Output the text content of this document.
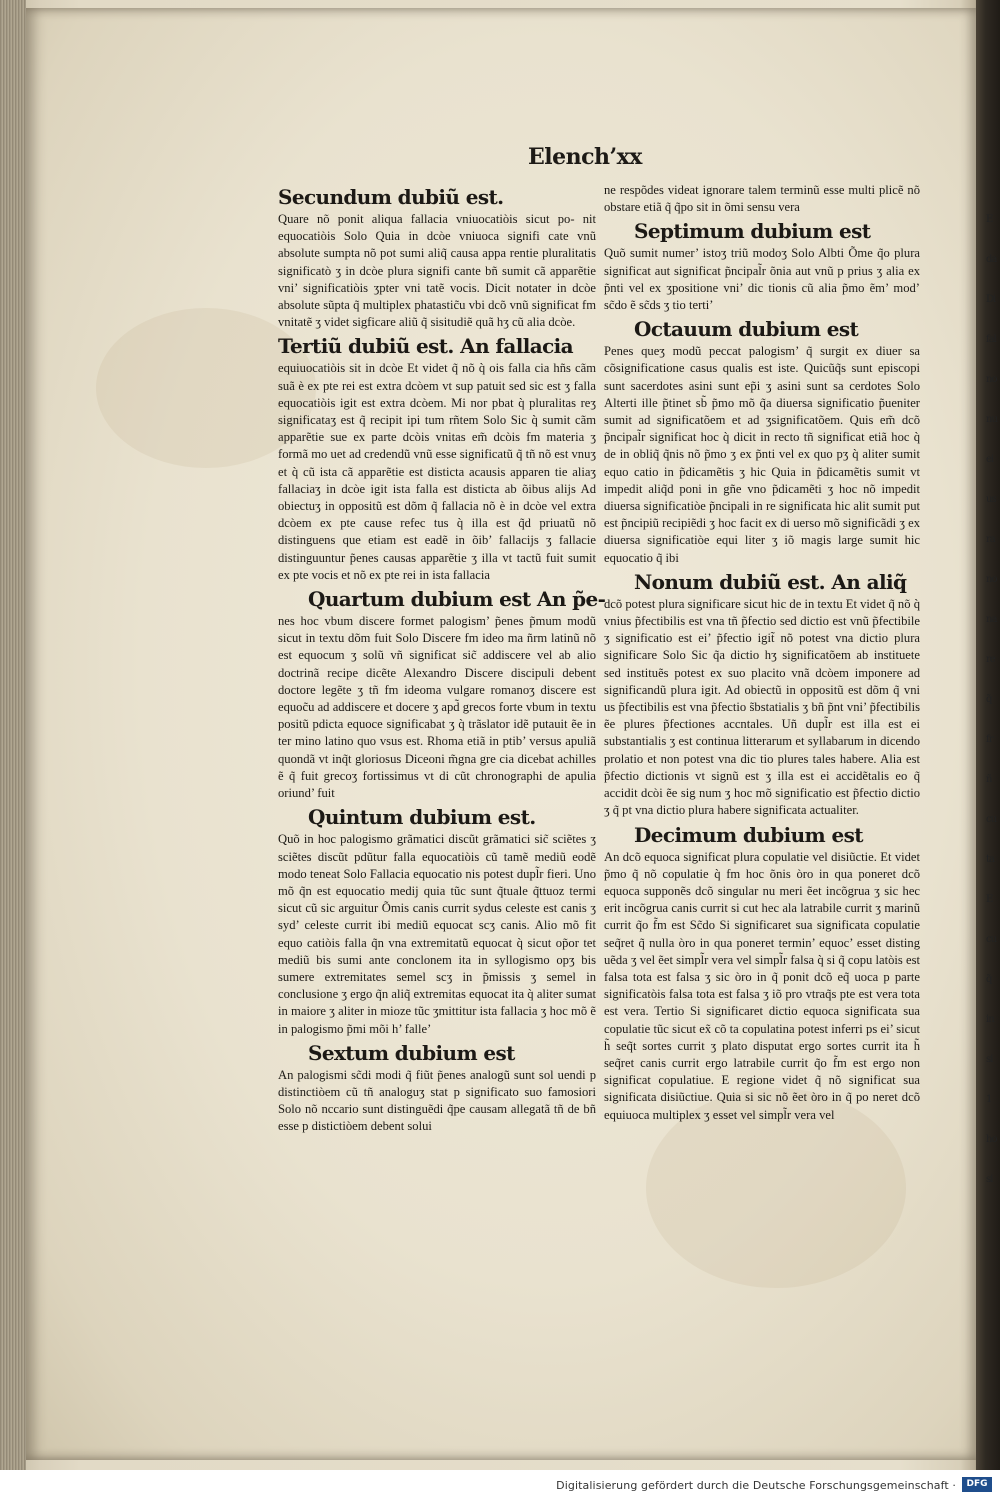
E
da
Di
fal
no
nu
ei
us
ra
no
na
re
q̃
fr
ñ
cu
ta
E
cu
q̃
in
si
1
ho
si
Elench’xx
Secundum dubiũ est.

Quare nõ ponit aliqua fallacia vniuocatiòis sicut po- nit equocatiòis Solo Quia in dcòe vniuoca signifi cate vnũ absolute sumpta nõ pot sumi aliq̃ causa appa rentie pluralitatis significatò ʒ in dcòe plura signifi cante bñ sumit cã apparẽtie vni’ significatiòis ʒpter vni tatẽ vocis. Dicit notater in dcòe absolute sũpta q̃ multiplex phatastic̃u vbi dcõ vnũ significat fm vnitatẽ ʒ videt sigficare aliũ q̃ sisitudiẽ quã hʒ cũ alia dcòe.

Tertiũ dubiũ est. An fallacia

equiuocatiòis sit in dcòe Et videt q̃ nõ q̀ ois falla cia hñs cãm suã è ex pte rei est extra dcòem vt sup patuit sed sic est ʒ falla equocatiòis igit est extra dcòem. Mi nor pbat q̀ pluralitas reʒ significataʒ est q̃ recipit ipi tum rñtem Solo Sic q̀ sumit cãm apparẽtie sue ex parte dcòis vnitas em̃ dcòis fm materia ʒ formã mo uet ad credendũ vnũ esse significatũ q̃ tñ nõ est vnuʒ et q̀ cũ ista cã apparẽtie est disticta acausis apparen tie aliaʒ fallaciaʒ in dcòe igit ista falla est disticta ab õibus alijs Ad obiectuʒ in oppositũ est dõm q̃ fallacia nõ è in dcòe vel extra dcòem ex pte cause refec tus q̀ illa est q̃d priuatũ nõ distinguens que etiam est eadẽ in õib’ fallacijs ʒ fallacie distinguuntur p̃enes causas apparẽtie ʒ illa vt tactũ fuit sumit ex pte vocis et nõ ex pte rei in ista fallacia

Quartum dubium est An p̃e-

nes hoc vbum discere formet palogism’ p̃enes p̃mum modũ sicut in textu dõm fuit Solo Discere fm ideo ma ñrm latinũ nõ est equocum ʒ solũ vñ significat sic̃ addiscere vel ab alio doctrinã recipe dicẽte Alexandro Discere discipuli debent doctore legẽte ʒ tñ fm ideoma vulgare romanoʒ discere est equoc̃u ad addiscere et docere ʒ apd̃ grecos forte vbum in textu positũ pdicta equoce significabat ʒ q̀ trãslator idẽ putauit ẽe in ter mino latino quo vsus est. Rhoma etiã in ptib’ versus apuliã quondã vt inq̃t gloriosus Diceoni m̃gna gre cia dicebat achilles ẽ q̃ fuit grecoʒ fortissimus vt di cũt chronographi de apulia oriund’ fuit

Quintum dubium est.

Quõ in hoc palogismo grãmatici discũt grãmatici sic̃ sciẽtes ʒ sciẽtes discũt pdũtur falla equocatiòis cũ tamẽ mediũ eodẽ modo teneat Solo Fallacia equocatio nis potest dupl̃r fieri. Uno mõ q̃n est equocatio medij quia tũc sunt q̃tuale q̃ttuoz termi sicut cũ sic arguitur Õmis canis currit sydus celeste est canis ʒ syd’ celeste currit ibi mediũ equocat scʒ canis. Alio mõ fit equo catiòis falla q̃n vna extremitatũ equocat q̀ sicut op̃or tet mediũ bis sumi ante conclonem ita in syllogismo opʒ bis sumere extremitates semel scʒ in p̃missis ʒ semel in conclusione ʒ ergo q̃n aliq̃ extremitas equocat ita q̀ aliter sumat in maiore ʒ aliter in mioze tũc ʒmittitur ista fallacia ʒ hoc mõ ẽ in palogismo p̃mi mõi h’ falle’

Sextum dubium est

An palogismi sc̃di modi q̃ fiũt p̃enes analogũ sunt sol uendi p distinctiòem cũ tñ analoguʒ stat p significato suo famosiori Solo nõ nccario sunt distinguẽdi q̃pe causam allegatã tñ de bñ esse p distictiòem debent solui

ne respõdes videat ignorare talem terminũ esse multi plicẽ nõ obstare etiã q̃ q̃po sit in õmi sensu vera

Septimum dubium est

Quõ sumit numer’ istoʒ triũ modoʒ Solo Albti Õme q̃o plura significat aut significat p̃ncipal̃r õnia aut vnũ p prius ʒ alia ex p̃nti vel ex ʒpositione vni’ dic tionis cũ alia p̃mo ẽm’ mod’ sc̃do ẽ sc̃ds ʒ tio terti’

Octauum dubium est

Penes queʒ modũ peccat palogism’ q̃ surgit ex diuer sa cõsignificatione casus qualis est iste. Quicũq̃s sunt episcopi sunt sacerdotes asini sunt ep̃i ʒ asini sunt sa cerdotes Solo Alterti ille p̃tinet sb̃ p̃mo mõ q̃a diuersa significatio p̃ueniter sumit ad significatõem et ad ʒsignificatõem. Quis em̃ dcõ p̃ncipal̃r significat hoc q̀ dicit in recto tñ significat etiã hoc q̀ de in obliq̃ q̃nis nõ p̃mo ʒ ex p̃nti vel ex quo pʒ q̀ aliter sumit equo catio in p̃dicamẽtis ʒ hic Quia in p̃dicamẽtis sumit vt impedit aliq̃d poni in gñe vno p̃dicamẽti ʒ hoc nõ impedit diuersa significatiòe p̃ncipali in re significata hic alit sumit put est p̃ncipiũ recipiẽdi ʒ hoc facit ex di uerso mõ significãdi ʒ ex diuersa significatiòe equi liter ʒ iõ magis large sumit hic equocatio q̃ ibi

Nonum dubiũ est. An aliq̃

dcõ potest plura significare sicut hic de in textu Et videt q̃ nõ q̀ vnius p̃fectibilis est vna tñ p̃fectio sed dictio est vnũ p̃fectibile ʒ significatio est ei’ p̃fectio igit̃ nõ potest vna dictio plura significare Solo Sic q̃a dictio hʒ significatõem ab instituete sed instituẽs potest ex suo placito vnã dcòem imponere ad significandũ plura igit. Ad obiectũ in oppositũ est dõm q̃ vni us p̃fectibilis est vna p̃fectio s̃bstatialis ʒ bñ p̃nt vni’ p̃fectibilis ẽe plures p̃fectiones accntales. Uñ dupl̃r est illa est ei substantialis ʒ est continua litterarum et syllabarum in dicendo prolatio et non potest vna dic tio plures tales habere. Alia est p̃fectio dictionis vt signũ est ʒ illa est ei accidẽtalis eo q̃ accidit dcòi ẽe sig num ʒ hoc mõ significatio est p̃fectio dictio ʒ q̃ pt vna dictio plura habere significata actualiter.

Decimum dubium est

An dcõ equoca significat plura copulatie vel disiũctie. Et videt p̃mo q̃ nõ copulatie q̀ fm hoc õnis òro in qua poneret dcõ equoca supponẽs dcõ singular nu meri ẽet incõgrua ʒ sic hec erit incõgrua canis currit si cut hec ala latrabile currit ʒ marinũ currit q̃o f̃m est Sc̃do Si significaret sua significata copulatie seq̃ret q̃ nulla òro in qua poneret termin’ equoc’ esset disting uẽda ʒ vel ẽet simpl̃r vera vel simpl̃r falsa q̀ si q̃ copu latòis est falsa tota est falsa ʒ sic òro in q̃ ponit dcõ eq̃ uoca p parte significatòis falsa tota est falsa ʒ iõ pro vtraq̃s pte est vera tota est vera. Tertio Si significaret dictio equoca significata sua copulatie tũc sicut ex̃ cõ ta copulatina potest inferri ps ei’ sicut h̃ seq̃t sortes currit ʒ plato disputat ergo sortes currit ita h̃ seq̃ret canis currit ergo latrabile currit q̃o f̃m est ergo non significat copulatiue. E regione videt q̃ nõ significat sua significata disiũctiue. Quia si sic nõ ẽet òro in q̃ po neret dcõ equiuoca multiplex ʒ esset vel simpl̃r vera vel

Digitalisierung gefördert durch die Deutsche Forschungsgemeinschaft ·	DFG
